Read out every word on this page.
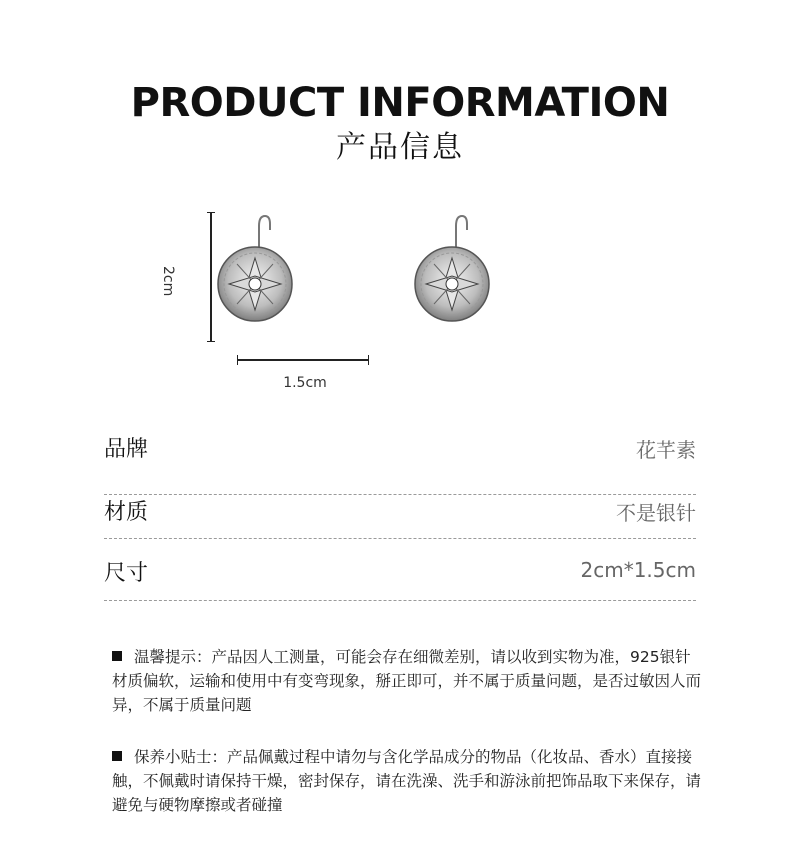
PRODUCT INFORMATION
产品信息
2cm
1.5cm
品牌	花芊素
材质	不是银针
尺寸	2cm*1.5cm
温馨提示：产品因人工测量，可能会存在细微差别，请以收到实物为准，925银针材质偏软，运输和使用中有变弯现象，掰正即可，并不属于质量问题，是否过敏因人而异，不属于质量问题
保养小贴士：产品佩戴过程中请勿与含化学品成分的物品（化妆品、香水）直接接触，不佩戴时请保持干燥，密封保存，请在洗澡、洗手和游泳前把饰品取下来保存，请避免与硬物摩擦或者碰撞
